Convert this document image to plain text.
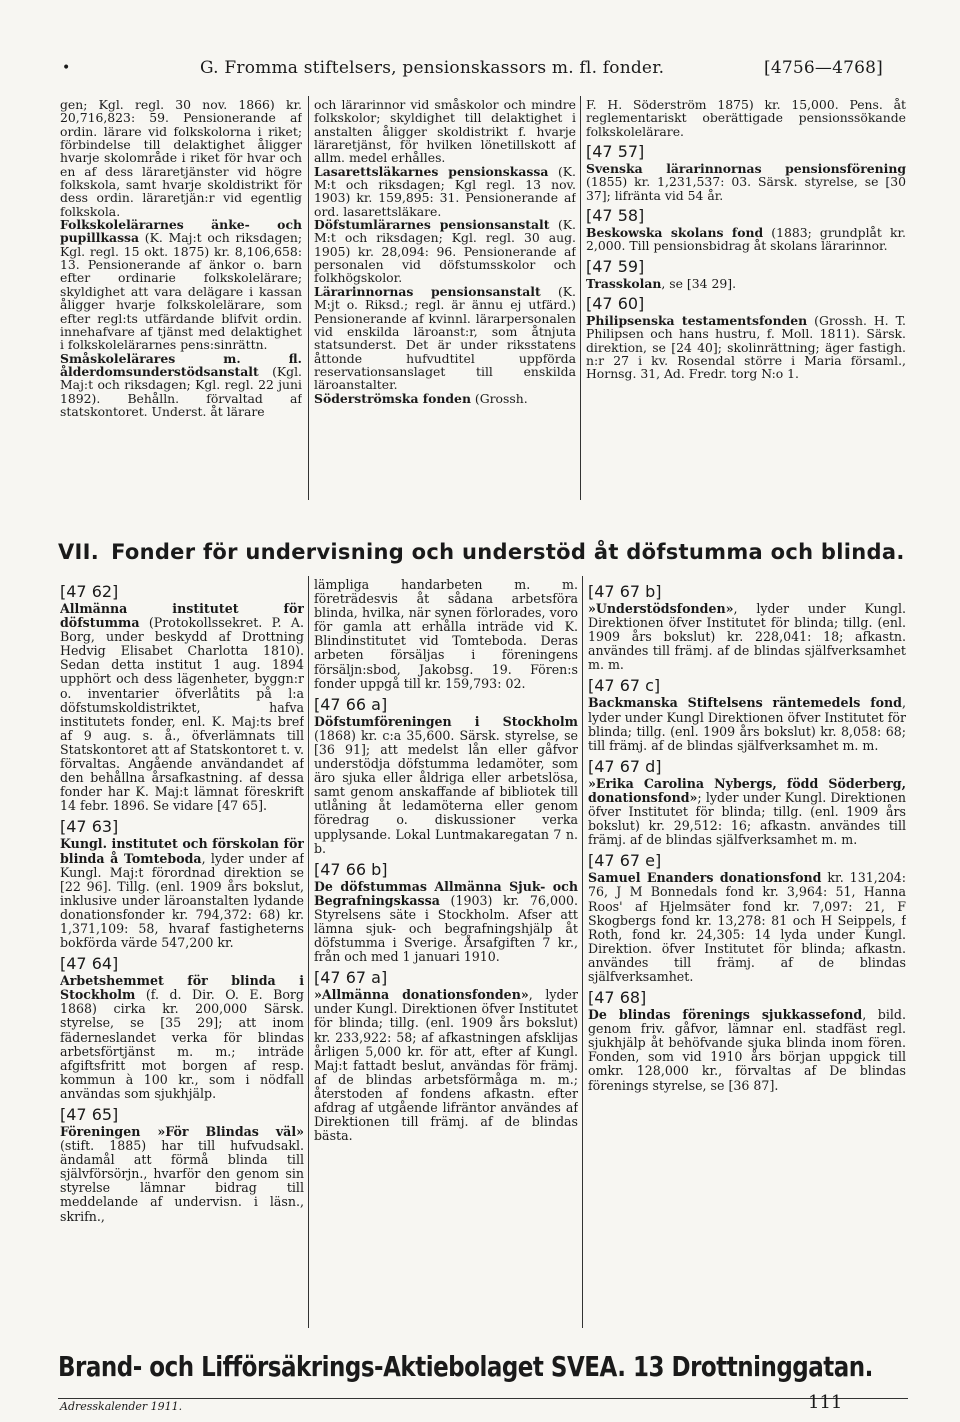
•	G. Fromma stiftelsers, pensionskassors m. fl. fonder.	[4756—4768]

gen; Kgl. regl. 30 nov. 1866) kr. 20,716,823: 59. Pensionerande af ordin. lärare vid folkskolorna i riket; förbindelse till delaktighet åligger hvarje skolområde i riket för hvar och en af dess läraretjänster vid högre folkskola, samt hvarje skoldistrikt för dess ordin. läraretjän:r vid egentlig folkskola.

Folkskolelärarnes änke- och pupillkassa (K. Maj:t och riksdagen; Kgl. regl. 15 okt. 1875) kr. 8,106,658: 13. Pensionerande af änkor o. barn efter ordinarie folkskolelärare; skyldighet att vara delägare i kassan åligger hvarje folkskolelärare, som efter regl:ts utfärdande blifvit ordin. innehafvare af tjänst med delaktighet i folkskolelärarnes pens:sinrättn.

Småskolelärares m. fl. ålderdomsunderstödsanstalt (Kgl. Maj:t och riksdagen; Kgl. regl. 22 juni 1892). Behålln. förvaltad af statskontoret. Underst. åt lärare

och lärarinnor vid småskolor och mindre folkskolor; skyldighet till delaktighet i anstalten åligger skoldistrikt f. hvarje läraretjänst, för hvilken lönetillskott af allm. medel erhålles.

Lasarettsläkarnes pensionskassa (K. M:t och riksdagen; Kgl regl. 13 nov. 1903) kr. 159,895: 31. Pensionerande af ord. lasarettsläkare.

Döfstumlärarnes pensionsanstalt (K. M:t och riksdagen; Kgl. regl. 30 aug. 1905) kr. 28,094: 96. Pensionerande af personalen vid döfstumsskolor och folkhögskolor.

Lärarinnornas pensionsanstalt (K. M:jt o. Riksd.; regl. är ännu ej utfärd.) Pensionerande af kvinnl. lärarpersonalen vid enskilda läroanst:r, som åtnjuta statsunderst. Det är under riksstatens åttonde hufvudtitel uppförda reservationsanslaget till enskilda läroanstalter.

Söderströmska fonden (Grossh.

F. H. Söderström 1875) kr. 15,000. Pens. åt reglementariskt oberättigade pensionssökande folkskolelärare.

[47 57]

Svenska lärarinnornas pensionsförening (1855) kr. 1,231,537: 03. Särsk. styrelse, se [30 37]; lifränta vid 54 år.

[47 58]

Beskowska skolans fond (1883; grundplåt kr. 2,000. Till pensionsbidrag åt skolans lärarinnor.

[47 59]

Trasskolan, se [34 29].

[47 60]

Philipsenska testamentsfonden (Grossh. H. T. Philipsen och hans hustru, f. Moll. 1811). Särsk. direktion, se [24 40]; skolinrättning; äger fastigh. n:r 27 i kv. Rosendal större i Maria församl., Hornsg. 31, Ad. Fredr. torg N:o 1.

VII. Fonder för undervisning och understöd åt döfstumma och blinda.
[47 62]

Allmänna institutet för döfstumma (Protokollssekret. P. A. Borg, under beskydd af Drottning Hedvig Elisabet Charlotta 1810). Sedan detta institut 1 aug. 1894 upphört och dess lägenheter, byggn:r o. inventarier öfverlåtits på l:a döfstumskoldistriktet, hafva institutets fonder, enl. K. Maj:ts bref af 9 aug. s. å., öfverlämnats till Statskontoret att af Statskontoret t. v. förvaltas. Angående användandet af den behållna årsafkastning. af dessa fonder har K. Maj:t lämnat föreskrift 14 febr. 1896. Se vidare [47 65].

[47 63]

Kungl. institutet och förskolan för blinda å Tomteboda, lyder under af Kungl. Maj:t förordnad direktion se [22 96]. Tillg. (enl. 1909 års bokslut, inklusive under läroanstalten lydande donationsfonder kr. 794,372: 68) kr. 1,371,109: 58, hvaraf fastigheterns bokförda värde 547,200 kr.

[47 64]

Arbetshemmet för blinda i Stockholm (f. d. Dir. O. E. Borg 1868) cirka kr. 200,000 Särsk. styrelse, se [35 29]; att inom fäderneslandet verka för blindas arbetsförtjänst m. m.; inträde afgiftsfritt mot borgen af resp. kommun à 100 kr., som i nödfall användas som sjukhjälp.

[47 65]

Föreningen »För Blindas väl» (stift. 1885) har till hufvudsakl. ändamål att förmå blinda till självförsörjn., hvarför den genom sin styrelse lämnar bidrag till meddelande af undervisn. i läsn., skrifn.,

lämpliga handarbeten m. m. företrädesvis åt sådana arbetsföra blinda, hvilka, när synen förlorades, voro för gamla att erhålla inträde vid K. Blindinstitutet vid Tomteboda. Deras arbeten försäljas i föreningens försäljn:sbod, Jakobsg. 19. Fören:s fonder uppgå till kr. 159,793: 02.

[47 66 a]

Döfstumföreningen i Stockholm (1868) kr. c:a 35,600. Särsk. styrelse, se [36 91]; att medelst lån eller gåfvor understödja döfstumma ledamöter, som äro sjuka eller åldriga eller arbetslösa, samt genom anskaffande af bibliotek till utlåning åt ledamöterna eller genom föredrag o. diskussioner verka upplysande. Lokal Luntmakaregatan 7 n. b.

[47 66 b]

De döfstummas Allmänna Sjuk- och Begrafningskassa (1903) kr. 76,000. Styrelsens säte i Stockholm. Afser att lämna sjuk- och begrafningshjälp åt döfstumma i Sverige. Årsafgiften 7 kr., från och med 1 januari 1910.

[47 67 a]

»Allmänna donationsfonden», lyder under Kungl. Direktionen öfver Institutet för blinda; tillg. (enl. 1909 års bokslut) kr. 233,922: 58; af afkastningen afsklijas årligen 5,000 kr. för att, efter af Kungl. Maj:t fattadt beslut, användas för främj. af de blindas arbetsförmåga m. m.; återstoden af fondens afkastn. efter afdrag af utgående lifräntor användes af Direktionen till främj. af de blindas bästa.

[47 67 b]

»Understödsfonden», lyder under Kungl. Direktionen öfver Institutet för blinda; tillg. (enl. 1909 års bokslut) kr. 228,041: 18; afkastn. användes till främj. af de blindas själfverksamhet m. m.

[47 67 c]

Backmanska Stiftelsens räntemedels fond, lyder under Kungl Direktionen öfver Institutet för blinda; tillg. (enl. 1909 års bokslut) kr. 8,058: 68; till främj. af de blindas själfverksamhet m. m.

[47 67 d]

»Erika Carolina Nybergs, född Söderberg, donationsfond»; lyder under Kungl. Direktionen öfver Institutet för blinda; tillg. (enl. 1909 års bokslut) kr. 29,512: 16; afkastn. användes till främj. af de blindas själfverksamhet m. m.

[47 67 e]

Samuel Enanders donationsfond kr. 131,204: 76, J M Bonnedals fond kr. 3,964: 51, Hanna Roos' af Hjelmsäter fond kr. 7,097: 21, F Skogbergs fond kr. 13,278: 81 och H Seippels, f Roth, fond kr. 24,305: 14 lyda under Kungl. Direktion. öfver Institutet för blinda; afkastn. användes till främj. af de blindas själfverksamhet.

[47 68]

De blindas förenings sjukkassefond, bild. genom friv. gåfvor, lämnar enl. stadfäst regl. sjukhjälp åt behöfvande sjuka blinda inom fören. Fonden, som vid 1910 års början uppgick till omkr. 128,000 kr., förvaltas af De blindas förenings styrelse, se [36 87].

Brand- och Lifförsäkrings-Aktiebolaget SVEA. 13 Drottninggatan.
Adresskalender 1911.	111
